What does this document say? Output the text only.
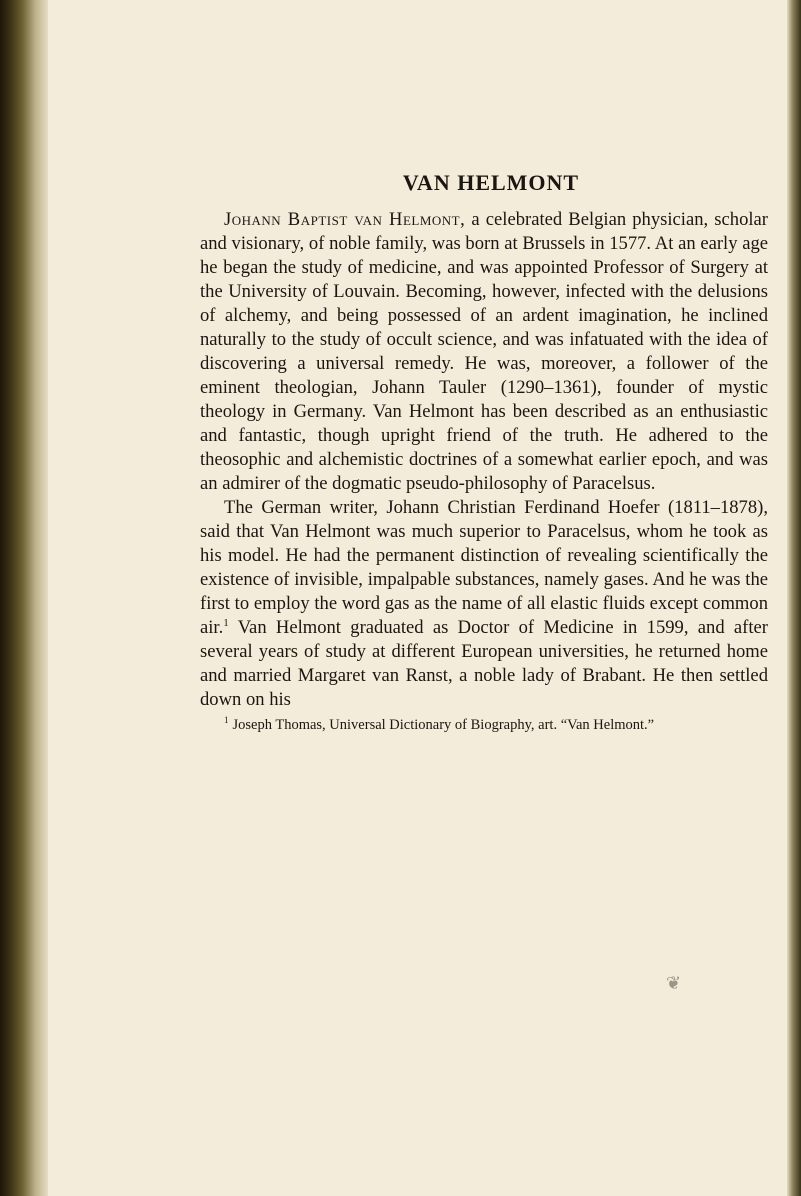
VAN HELMONT

Johann Baptist van Helmont, a celebrated Belgian physician, scholar and visionary, of noble family, was born at Brussels in 1577. At an early age he began the study of medicine, and was appointed Professor of Surgery at the University of Louvain. Becoming, however, infected with the delusions of alchemy, and being possessed of an ardent imagination, he inclined naturally to the study of occult science, and was infatuated with the idea of discovering a universal remedy. He was, moreover, a follower of the eminent theologian, Johann Tauler (1290–1361), founder of mystic theology in Germany. Van Helmont has been described as an enthusiastic and fantastic, though upright friend of the truth. He adhered to the theosophic and alchemistic doctrines of a somewhat earlier epoch, and was an admirer of the dogmatic pseudo-philosophy of Paracelsus.

The German writer, Johann Christian Ferdinand Hoefer (1811–1878), said that Van Helmont was much superior to Paracelsus, whom he took as his model. He had the permanent distinction of revealing scientifically the existence of invisible, impalpable substances, namely gases. And he was the first to employ the word gas as the name of all elastic fluids except common air.$^1$ Van Helmont graduated as Doctor of Medicine in 1599, and after several years of study at different European universities, he returned home and married Margaret van Ranst, a noble lady of Brabant. He then settled down on his

$^1$ Joseph Thomas, Universal Dictionary of Biography, art. “Van Helmont.”

❦
